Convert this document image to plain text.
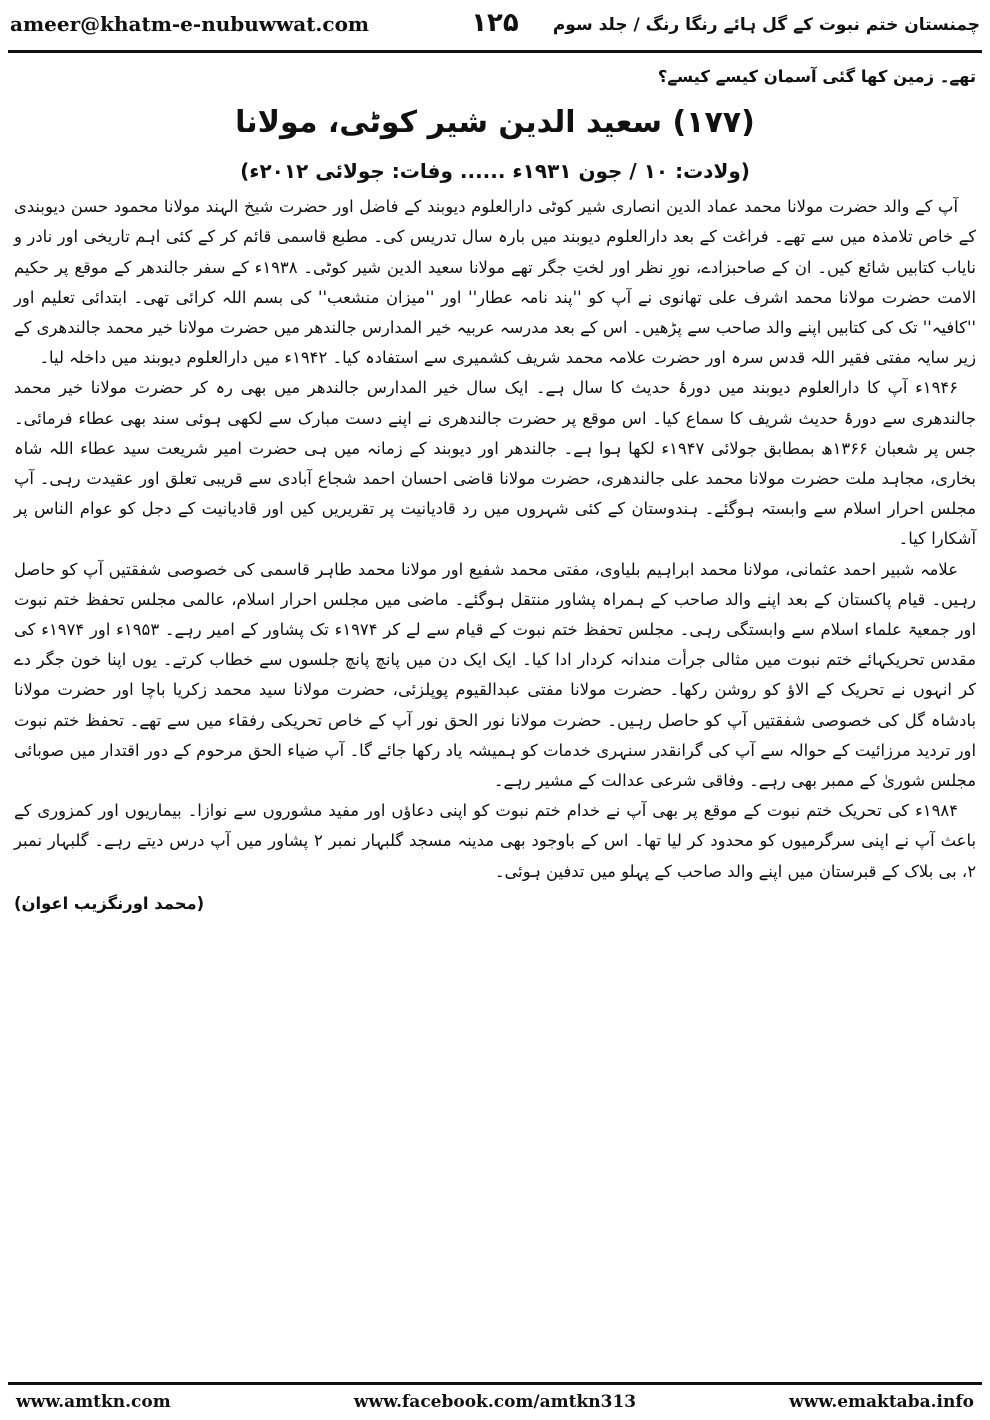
ameer@khatm-e-nubuwwat.com	۱۲۵	چمنستان ختم نبوت کے گل ہائے رنگا رنگ / جلد سوم

تھے۔ زمین کھا گئی آسمان کیسے کیسے؟

(۱۷۷) سعید الدین شیر کوٹی، مولانا
(ولادت: ۱۰ / جون ۱۹۳۱ء ...... وفات: جولائی ۲۰۱۲ء)

آپ کے والد حضرت مولانا محمد عماد الدین انصاری شیر کوٹی دارالعلوم دیوبند کے فاضل اور حضرت شیخ الہند مولانا محمود حسن دیوبندی کے خاص تلامذہ میں سے تھے۔ فراغت کے بعد دارالعلوم دیوبند میں بارہ سال تدریس کی۔ مطبع قاسمی قائم کر کے کئی اہم تاریخی اور نادر و نایاب کتابیں شائع کیں۔ ان کے صاحبزادے، نورِ نظر اور لختِ جگر تھے مولانا سعید الدین شیر کوٹی۔ ۱۹۳۸ء کے سفر جالندھر کے موقع پر حکیم الامت حضرت مولانا محمد اشرف علی تھانوی نے آپ کو ''پند نامہ عطار'' اور ''میزان منشعب'' کی بسم اللہ کرائی تھی۔ ابتدائی تعلیم اور ''کافیہ'' تک کی کتابیں اپنے والد صاحب سے پڑھیں۔ اس کے بعد مدرسہ عربیہ خیر المدارس جالندھر میں حضرت مولانا خیر محمد جالندھری کے زیر سایہ مفتی فقیر اللہ قدس سرہ اور حضرت علامہ محمد شریف کشمیری سے استفادہ کیا۔ ۱۹۴۲ء میں دارالعلوم دیوبند میں داخلہ لیا۔

۱۹۴۶ء آپ کا دارالعلوم دیوبند میں دورۂ حدیث کا سال ہے۔ ایک سال خیر المدارس جالندھر میں بھی رہ کر حضرت مولانا خیر محمد جالندھری سے دورۂ حدیث شریف کا سماع کیا۔ اس موقع پر حضرت جالندھری نے اپنے دست مبارک سے لکھی ہوئی سند بھی عطاء فرمائی۔ جس پر شعبان ۱۳۶۶ھ بمطابق جولائی ۱۹۴۷ء لکھا ہوا ہے۔ جالندھر اور دیوبند کے زمانہ میں ہی حضرت امیر شریعت سید عطاء اللہ شاہ بخاری، مجاہد ملت حضرت مولانا محمد علی جالندھری، حضرت مولانا قاضی احسان احمد شجاع آبادی سے قریبی تعلق اور عقیدت رہی۔ آپ مجلس احرار اسلام سے وابستہ ہوگئے۔ ہندوستان کے کئی شہروں میں رد قادیانیت پر تقریریں کیں اور قادیانیت کے دجل کو عوام الناس پر آشکارا کیا۔

علامہ شبیر احمد عثمانی، مولانا محمد ابراہیم بلیاوی، مفتی محمد شفیع اور مولانا محمد طاہر قاسمی کی خصوصی شفقتیں آپ کو حاصل رہیں۔ قیام پاکستان کے بعد اپنے والد صاحب کے ہمراہ پشاور منتقل ہوگئے۔ ماضی میں مجلس احرار اسلام، عالمی مجلس تحفظ ختم نبوت اور جمعیۃ علماء اسلام سے وابستگی رہی۔ مجلس تحفظ ختم نبوت کے قیام سے لے کر ۱۹۷۴ء تک پشاور کے امیر رہے۔ ۱۹۵۳ء اور ۱۹۷۴ء کی مقدس تحریکہائے ختم نبوت میں مثالی جرأت مندانہ کردار ادا کیا۔ ایک ایک دن میں پانچ پانچ جلسوں سے خطاب کرتے۔ یوں اپنا خون جگر دے کر انہوں نے تحریک کے الاؤ کو روشن رکھا۔ حضرت مولانا مفتی عبدالقیوم پوپلزئی، حضرت مولانا سید محمد زکریا باچا اور حضرت مولانا بادشاہ گل کی خصوصی شفقتیں آپ کو حاصل رہیں۔ حضرت مولانا نور الحق نور آپ کے خاص تحریکی رفقاء میں سے تھے۔ تحفظ ختم نبوت اور تردید مرزائیت کے حوالہ سے آپ کی گرانقدر سنہری خدمات کو ہمیشہ یاد رکھا جائے گا۔ آپ ضیاء الحق مرحوم کے دور اقتدار میں صوبائی مجلس شوریٰ کے ممبر بھی رہے۔ وفاقی شرعی عدالت کے مشیر رہے۔

۱۹۸۴ء کی تحریک ختم نبوت کے موقع پر بھی آپ نے خدام ختم نبوت کو اپنی دعاؤں اور مفید مشوروں سے نوازا۔ بیماریوں اور کمزوری کے باعث آپ نے اپنی سرگرمیوں کو محدود کر لیا تھا۔ اس کے باوجود بھی مدینہ مسجد گلبہار نمبر ۲ پشاور میں آپ درس دیتے رہے۔ گلبہار نمبر ۲، بی بلاک کے قبرستان میں اپنے والد صاحب کے پہلو میں تدفین ہوئی۔

(محمد اورنگزیب اعوان)
www.amtkn.com	www.facebook.com/amtkn313	www.emaktaba.info
